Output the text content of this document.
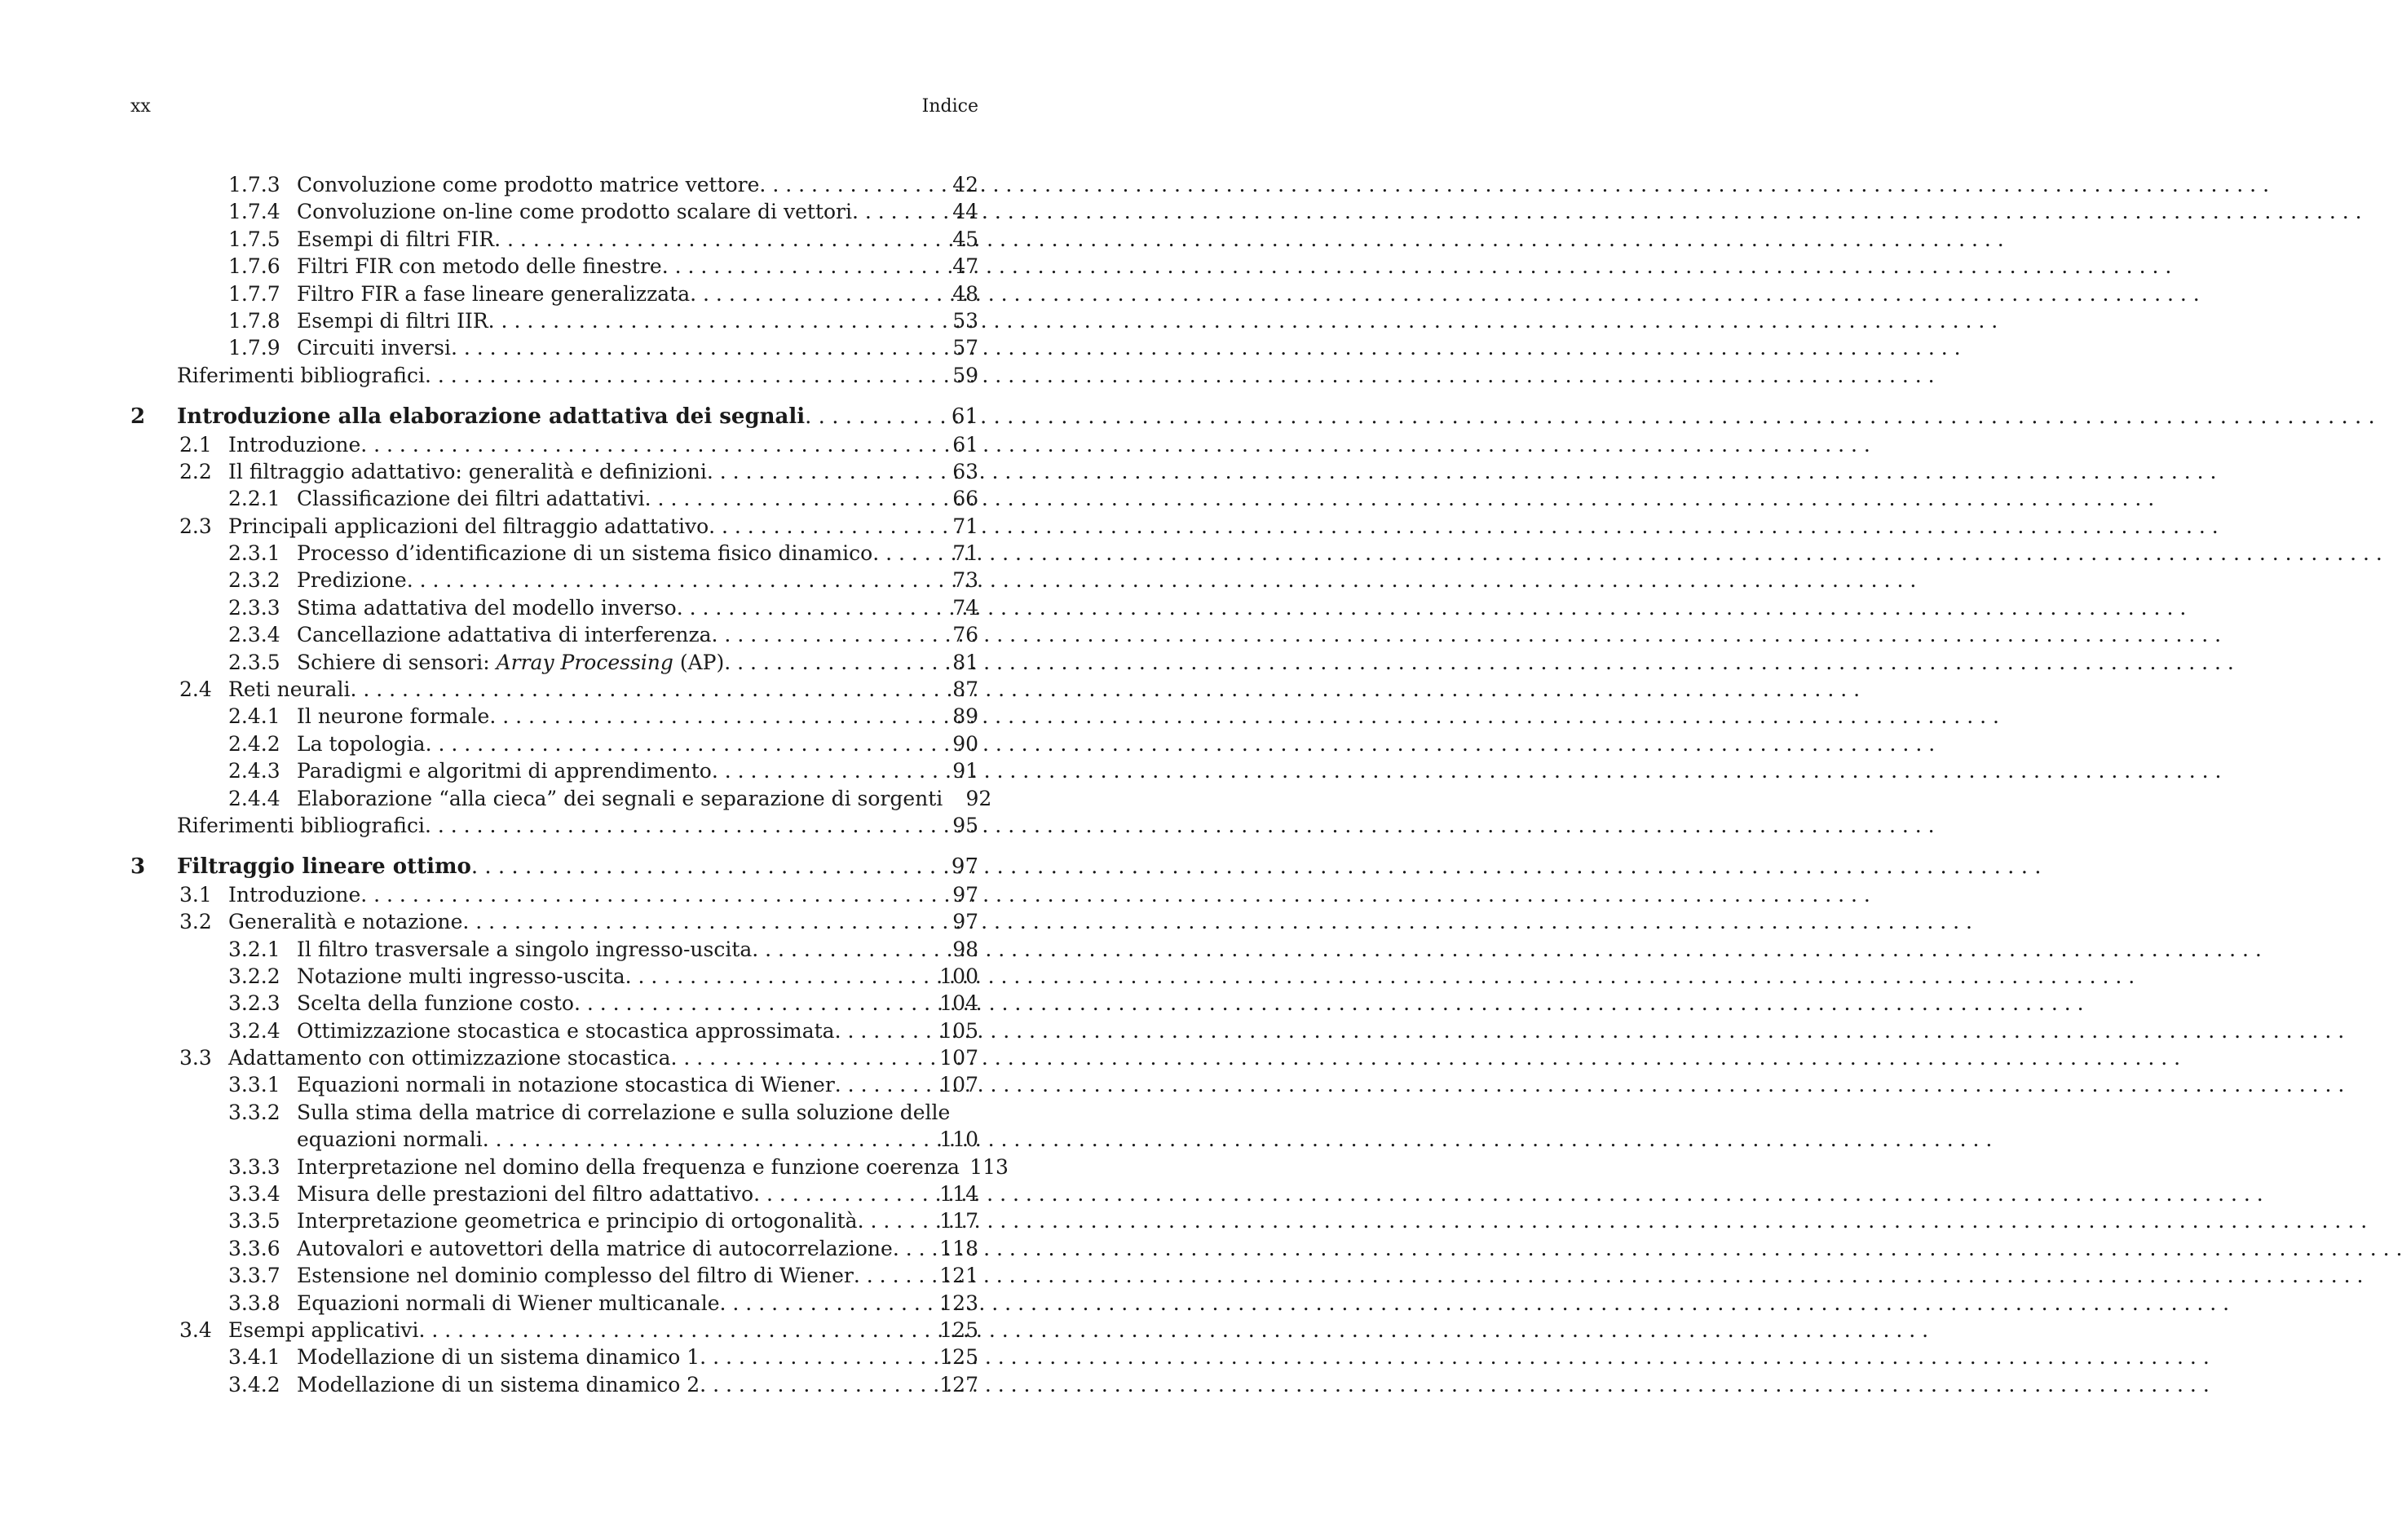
xx	Indice
1.7.3 Convoluzione come prodotto matrice vettore . . .	42
1.7.4 Convoluzione on-line come prodotto scalare di vettori . . .	44
1.7.5 Esempi di filtri FIR . . .	45
1.7.6 Filtri FIR con metodo delle finestre . . .	47
1.7.7 Filtro FIR a fase lineare generalizzata . . .	48
1.7.8 Esempi di filtri IIR . . .	53
1.7.9 Circuiti inversi . . .	57
Riferimenti bibliografici . . .	59
2 Introduzione alla elaborazione adattativa dei segnali . . .	61
2.1 Introduzione . . .	61
2.2 Il filtraggio adattativo: generalità e definizioni . . .	63
2.2.1 Classificazione dei filtri adattativi . . .	66
2.3 Principali applicazioni del filtraggio adattativo . . .	71
2.3.1 Processo d’identificazione di un sistema fisico dinamico . . .	71
2.3.2 Predizione . . .	73
2.3.3 Stima adattativa del modello inverso . . .	74
2.3.4 Cancellazione adattativa di interferenza . . .	76
2.3.5 Schiere di sensori: Array Processing (AP) . . .	81
2.4 Reti neurali . . .	87
2.4.1 Il neurone formale . . .	89
2.4.2 La topologia . . .	90
2.4.3 Paradigmi e algoritmi di apprendimento . . .	91
2.4.4 Elaborazione “alla cieca” dei segnali e separazione di sorgenti	92
Riferimenti bibliografici . . .	95
3 Filtraggio lineare ottimo . . .	97
3.1 Introduzione . . .	97
3.2 Generalità e notazione . . .	97
3.2.1 Il filtro trasversale a singolo ingresso-uscita . . .	98
3.2.2 Notazione multi ingresso-uscita . . .	100
3.2.3 Scelta della funzione costo . . .	104
3.2.4 Ottimizzazione stocastica e stocastica approssimata . . .	105
3.3 Adattamento con ottimizzazione stocastica . . .	107
3.3.1 Equazioni normali in notazione stocastica di Wiener . . .	107
3.3.2 Sulla stima della matrice di correlazione e sulla soluzione delle
equazioni normali . . .	110
3.3.3 Interpretazione nel domino della frequenza e funzione coerenza 113
3.3.4 Misura delle prestazioni del filtro adattativo . . .	114
3.3.5 Interpretazione geometrica e principio di ortogonalità . . .	117
3.3.6 Autovalori e autovettori della matrice di autocorrelazione . . .	118
3.3.7 Estensione nel dominio complesso del filtro di Wiener . . .	121
3.3.8 Equazioni normali di Wiener multicanale . . .	123
3.4 Esempi applicativi . . .	125
3.4.1 Modellazione di un sistema dinamico 1 . . .	125
3.4.2 Modellazione di un sistema dinamico 2 . . .	127
